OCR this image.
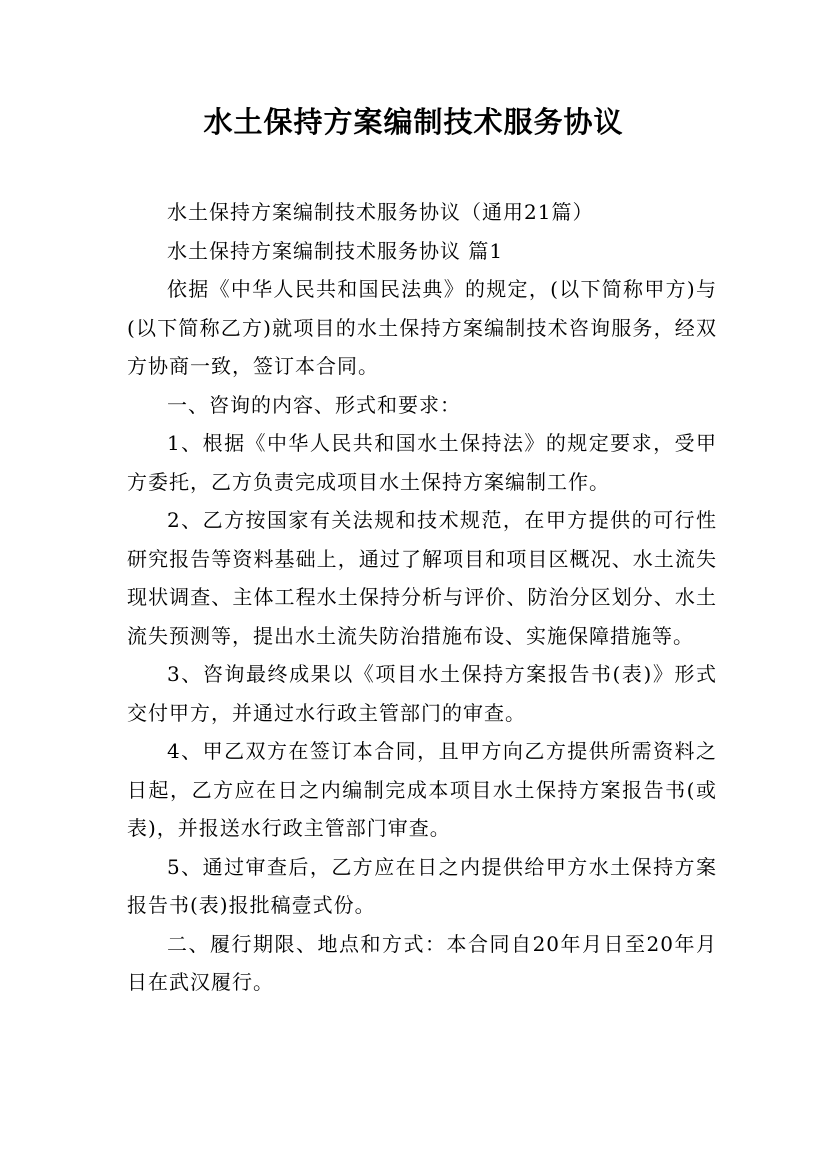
水土保持方案编制技术服务协议

水土保持方案编制技术服务协议（通用21篇）

水土保持方案编制技术服务协议 篇1

依据《中华人民共和国民法典》的规定，(以下简称甲方)与(以下简称乙方)就项目的水土保持方案编制技术咨询服务，经双方协商一致，签订本合同。

一、咨询的内容、形式和要求：

1、根据《中华人民共和国水土保持法》的规定要求，受甲方委托，乙方负责完成项目水土保持方案编制工作。

2、乙方按国家有关法规和技术规范，在甲方提供的可行性研究报告等资料基础上，通过了解项目和项目区概况、水土流失现状调查、主体工程水土保持分析与评价、防治分区划分、水土流失预测等，提出水土流失防治措施布设、实施保障措施等。

3、咨询最终成果以《项目水土保持方案报告书(表)》形式交付甲方，并通过水行政主管部门的审查。

4、甲乙双方在签订本合同，且甲方向乙方提供所需资料之日起，乙方应在日之内编制完成本项目水土保持方案报告书(或表)，并报送水行政主管部门审查。

5、通过审查后，乙方应在日之内提供给甲方水土保持方案报告书(表)报批稿壹式份。

二、履行期限、地点和方式：本合同自20年月日至20年月日在武汉履行。
